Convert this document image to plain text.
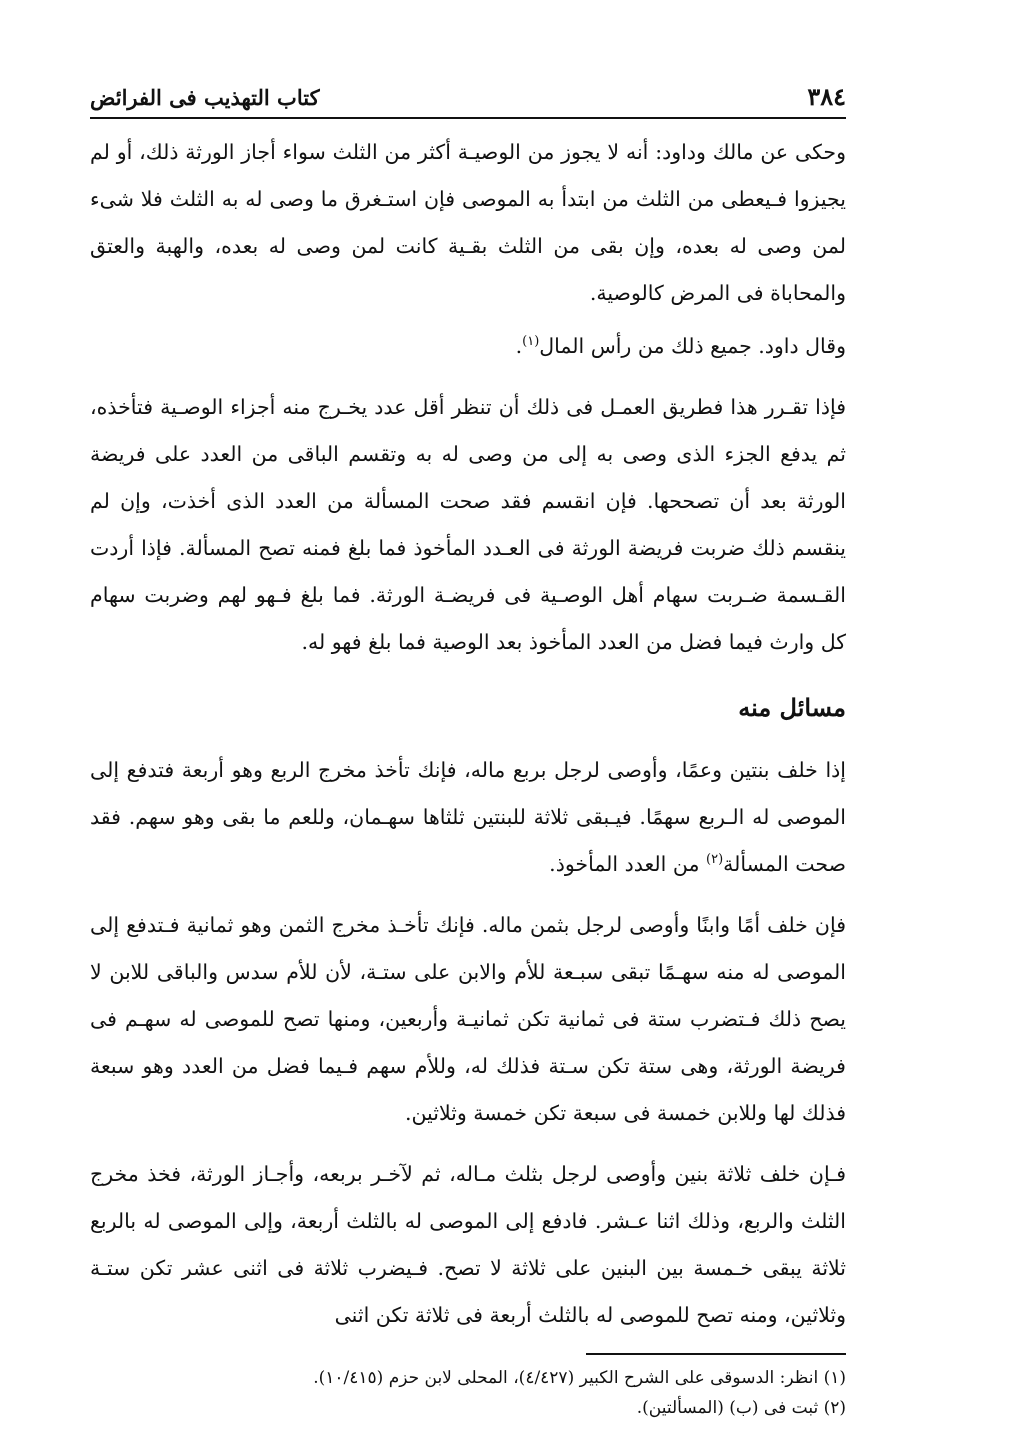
٣٨٤
كتاب التهذيب فى الفرائض

وحكى عن مالك وداود: أنه لا يجوز من الوصيـة أكثر من الثلث سواء أجاز الورثة ذلك، أو لم يجيزوا فـيعطى من الثلث من ابتدأ به الموصى فإن استـغرق ما وصى له به الثلث فلا شىء لمن وصى له بعده، وإن بقى من الثلث بقـية كانت لمن وصى له بعده، والهبة والعتق والمحاباة فى المرض كالوصية.

وقال داود. جميع ذلك من رأس المال$^{(١)}$.

فإذا تقـرر هذا فطريق العمـل فى ذلك أن تنظر أقل عدد يخـرج منه أجزاء الوصـية فتأخذه، ثم يدفع الجزء الذى وصى به إلى من وصى له به وتقسم الباقى من العدد على فريضة الورثة بعد أن تصححها. فإن انقسم فقد صحت المسألة من العدد الذى أخذت، وإن لم ينقسم ذلك ضربت فريضة الورثة فى العـدد المأخوذ فما بلغ فمنه تصح المسألة. فإذا أردت القـسمة ضـربت سهام أهل الوصـية فى فريضـة الورثة. فما بلغ فـهو لهم وضربت سهام كل وارث فيما فضل من العدد المأخوذ بعد الوصية فما بلغ فهو له.

مسائل منه

إذا خلف بنتين وعمًا، وأوصى لرجل بربع ماله، فإنك تأخذ مخرج الربع وهو أربعة فتدفع إلى الموصى له الـربع سهمًا. فيـبقى ثلاثة للبنتين ثلثاها سهـمان، وللعم ما بقى وهو سهم. فقد صحت المسألة$^{(٢)}$ من العدد المأخوذ.

فإن خلف أمًا وابنًا وأوصى لرجل بثمن ماله. فإنك تأخـذ مخرج الثمن وهو ثمانية فـتدفع إلى الموصى له منه سهـمًا تبقى سبـعة للأم والابن على ستـة، لأن للأم سدس والباقى للابن لا يصح ذلك فـتضرب ستة فى ثمانية تكن ثمانيـة وأربعين، ومنها تصح للموصى له سهـم فى فريضة الورثة، وهى ستة تكن سـتة فذلك له، وللأم سهم فـيما فضل من العدد وهو سبعة فذلك لها وللابن خمسة فى سبعة تكن خمسة وثلاثين.

فـإن خلف ثلاثة بنين وأوصى لرجل بثلث مـاله، ثم لآخـر بربعه، وأجـاز الورثة، فخذ مخرج الثلث والربع، وذلك اثنا عـشر. فادفع إلى الموصى له بالثلث أربعة، وإلى الموصى له بالربع ثلاثة يبقى خـمسة بين البنين على ثلاثة لا تصح. فـيضرب ثلاثة فى اثنى عشر تكن ستـة وثلاثين، ومنه تصح للموصى له بالثلث أربعة فى ثلاثة تكن اثنى

(١) انظر: الدسوقى على الشرح الكبير (٤/٤٢٧)، المحلى لابن حزم (١٠/٤١٥).

(٢) ثبت فى (ب) (المسألتين).
